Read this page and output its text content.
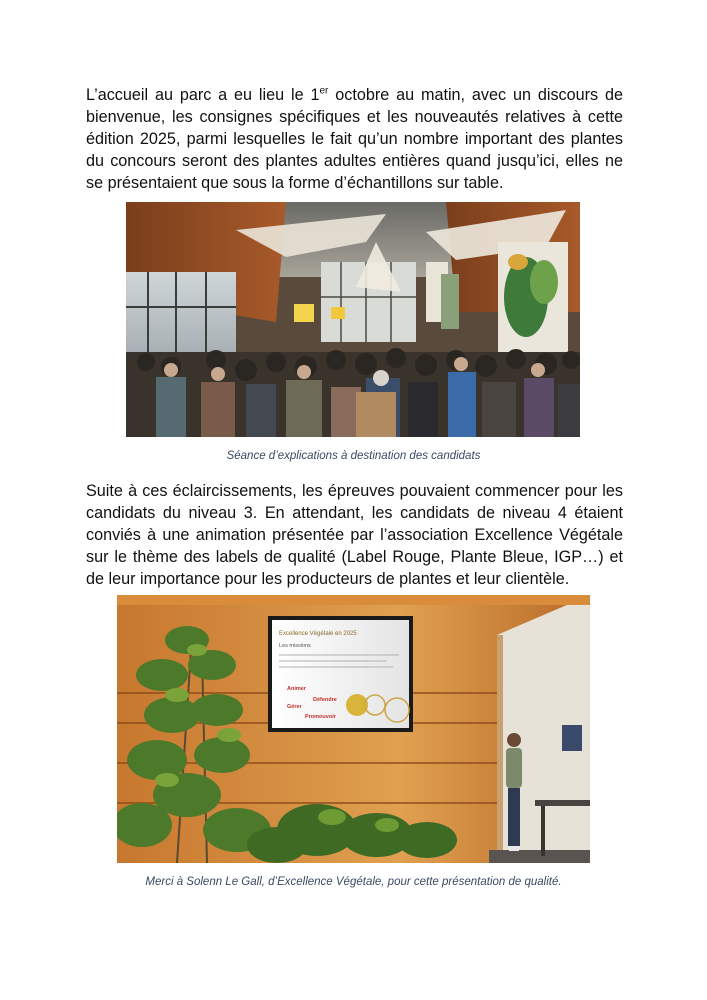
L’accueil au parc a eu lieu le 1er octobre au matin, avec un discours de bienvenue, les consignes spécifiques et les nouveautés relatives à cette édition 2025, parmi lesquelles le fait qu’un nombre important des plantes du concours seront des plantes adultes entières quand jusqu’ici, elles ne se présentaient que sous la forme d’échantillons sur table.

Séance d’explications à destination des candidats

Suite à ces éclaircissements, les épreuves pouvaient commencer pour les candidats du niveau 3. En attendant, les candidats de niveau 4 étaient conviés à une animation présentée par l’association Excellence Végétale sur le thème des labels de qualité (Label Rouge, Plante Bleue, IGP…) et de leur importance pour les producteurs de plantes et leur clientèle.

Excellence Végétale en 2025
Les missions
Animer
Défendre
Gérer
Promouvoir
Merci à Solenn Le Gall, d’Excellence Végétale, pour cette présentation de qualité.
